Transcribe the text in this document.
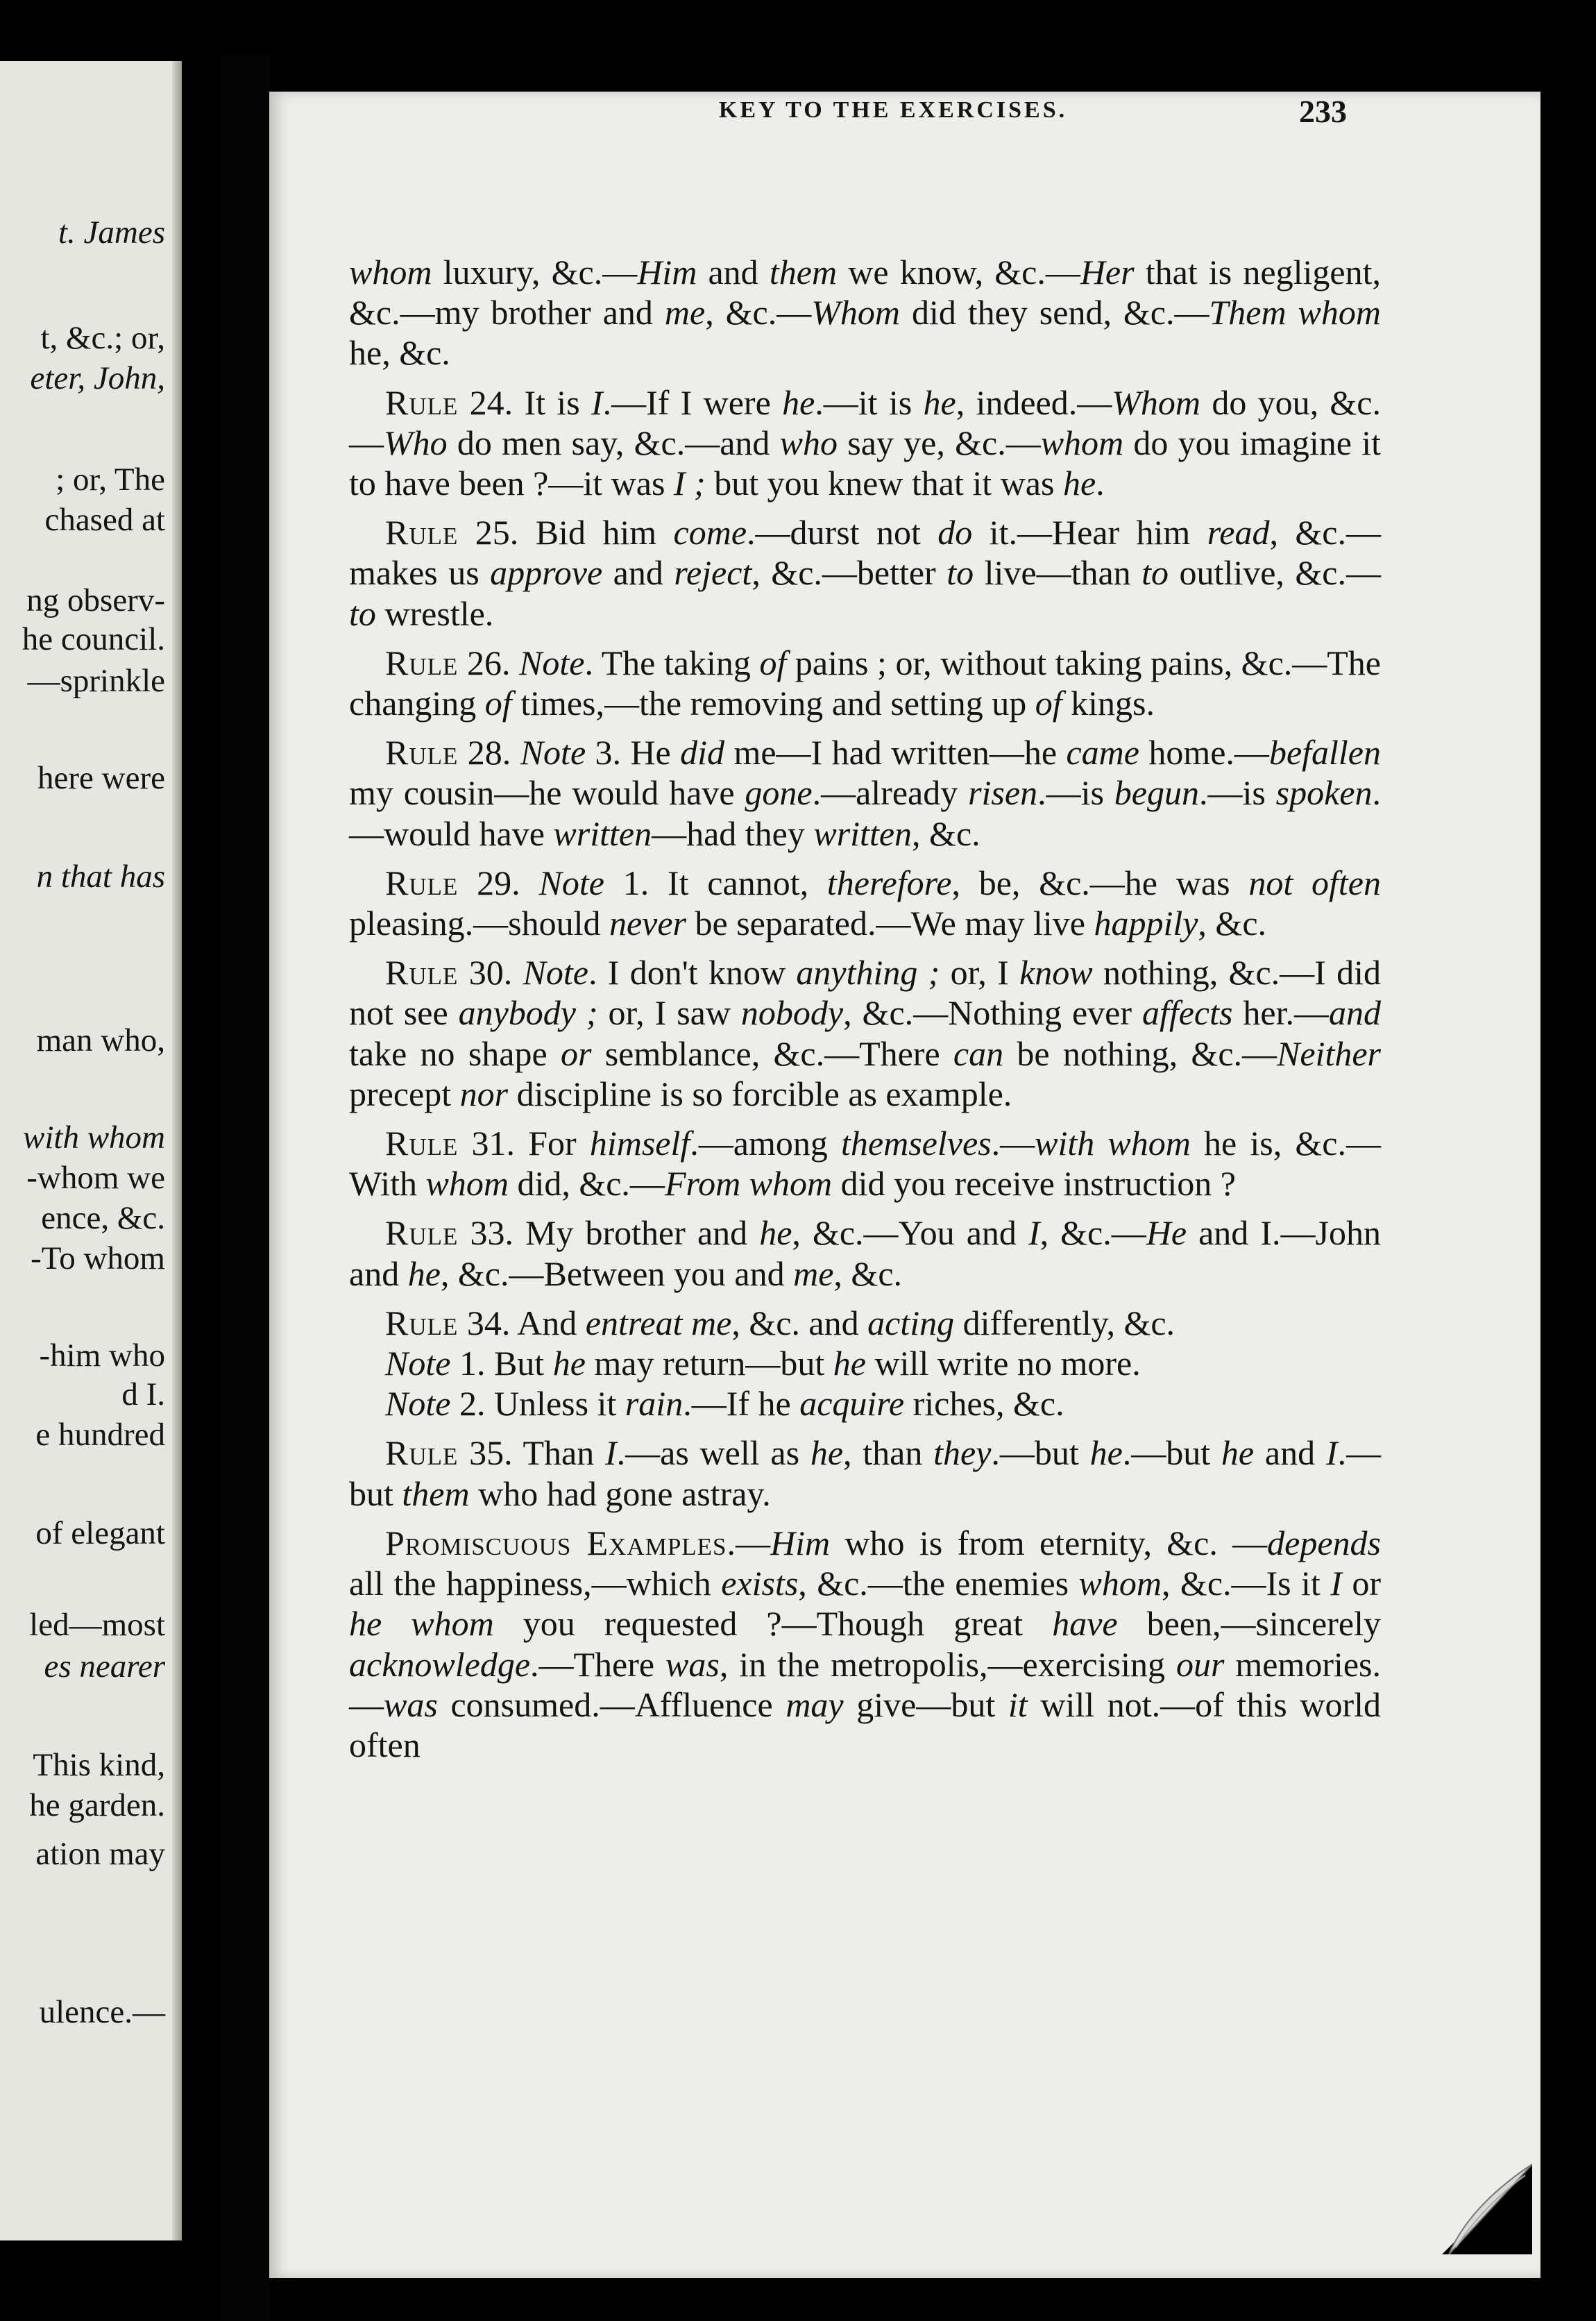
t. James
t, &c.; or,
eter, John,
; or, The
chased at
ng observ-
he council.
—sprinkle
here were
n that has
man who,
with whom
-whom we
ence, &c.
-To whom
-him who
d I.
e hundred
of elegant
led—most
es nearer
This kind,
he garden.
ation may
ulence.—
KEY TO THE EXERCISES.	233

whom luxury, &c.—Him and them we know, &c.—Her that is negligent, &c.—my brother and me, &c.—Whom did they send, &c.—Them whom he, &c.

Rule 24. It is I.—If I were he.—it is he, indeed.—Whom do you, &c.—Who do men say, &c.—and who say ye, &c.—whom do you imagine it to have been ?—it was I ; but you knew that it was he.

Rule 25. Bid him come.—durst not do it.—Hear him read, &c.—makes us approve and reject, &c.—better to live—than to outlive, &c.—to wrestle.

Rule 26. Note. The taking of pains ; or, without taking pains, &c.—The changing of times,—the removing and setting up of kings.

Rule 28. Note 3. He did me—I had written—he came home.—befallen my cousin—he would have gone.—already risen.—is begun.—is spoken.—would have written—had they written, &c.

Rule 29. Note 1. It cannot, therefore, be, &c.—he was not often pleasing.—should never be separated.—We may live happily, &c.

Rule 30. Note. I don't know anything ; or, I know nothing, &c.—I did not see anybody ; or, I saw nobody, &c.—Nothing ever affects her.—and take no shape or semblance, &c.—There can be nothing, &c.—Neither precept nor discipline is so forcible as example.

Rule 31. For himself.—among themselves.—with whom he is, &c.—With whom did, &c.—From whom did you receive instruction ?

Rule 33. My brother and he, &c.—You and I, &c.—He and I.—John and he, &c.—Between you and me, &c.

Rule 34. And entreat me, &c. and acting differently, &c.

Note 1. But he may return—but he will write no more.

Note 2. Unless it rain.—If he acquire riches, &c.

Rule 35. Than I.—as well as he, than they.—but he.—but he and I.—but them who had gone astray.

Promiscuous Examples.—Him who is from eternity, &c. —depends all the happiness,—which exists, &c.—the enemies whom, &c.—Is it I or he whom you requested ?—Though great have been,—sincerely acknowledge.—There was, in the metropolis,—exercising our memories.—was consumed.—Affluence may give—but it will not.—of this world often
